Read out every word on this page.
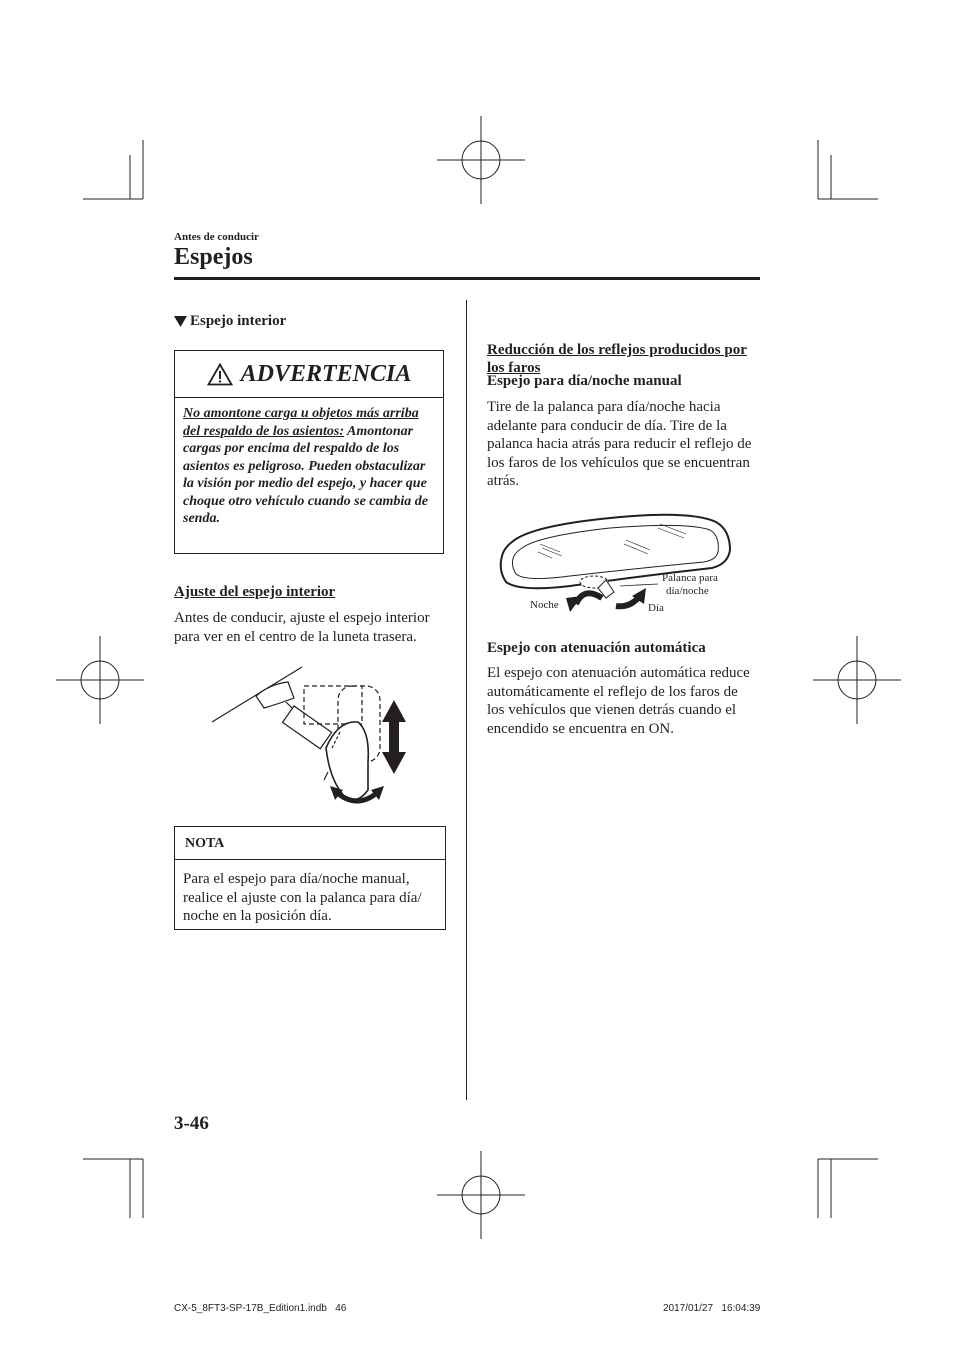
Antes de conducir
Espejos
Espejo interior
ADVERTENCIA
No amontone carga u objetos más arriba del respaldo de los asientos: Amontonar cargas por encima del respaldo de los asientos es peligroso. Pueden obstaculizar la visión por medio del espejo, y hacer que choque otro vehículo cuando se cambia de senda.
Ajuste del espejo interior
Antes de conducir, ajuste el espejo interior para ver en el centro de la luneta trasera.
NOTA
Para el espejo para día/noche manual, realice el ajuste con la palanca para día/ noche en la posición día.
Reducción de los reflejos producidos por los faros
Espejo para día/noche manual
Tire de la palanca para día/noche hacia adelante para conducir de día. Tire de la palanca hacia atrás para reducir el reflejo de los faros de los vehículos que se encuentran atrás.
Palanca para
día/noche
Noche	Día
Espejo con atenuación automática
El espejo con atenuación automática reduce automáticamente el reflejo de los faros de los vehículos que vienen detrás cuando el encendido se encuentra en ON.
3-46
CX-5_8FT3-SP-17B_Edition1.indb   46	2017/01/27   16:04:39
